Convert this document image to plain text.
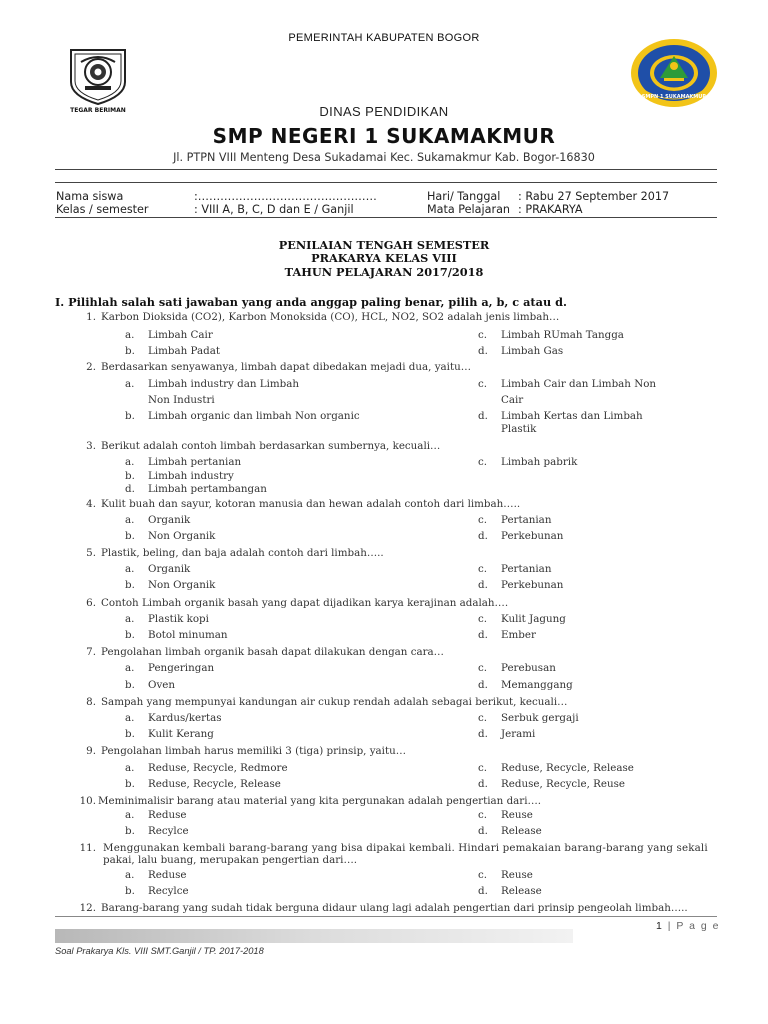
PEMERINTAH KABUPATEN BOGOR
TEGAR BERIMAN
SMPN 1 SUKAMAKMUR
DINAS PENDIDIKAN
SMP NEGERI 1 SUKAMAKMUR
Jl. PTPN VIII Menteng Desa Sukadamai Kec. Sukamakmur Kab. Bogor-16830
Nama siswa	:…………………………………………
Kelas / semester	: VIII A, B, C, D dan E / Ganjil
Hari/ Tanggal : Rabu 27 September 2017
Mata Pelajaran : PRAKARYA
PENILAIAN TENGAH SEMESTER
PRAKARYA KELAS VIII
TAHUN PELAJARAN 2017/2018
I. Pilihlah salah sati jawaban yang anda anggap paling benar, pilih a, b, c atau d.
1. Karbon Dioksida (CO2), Karbon Monoksida (CO), HCL, NO2, SO2 adalah jenis limbah…
a.	Limbah Cair
b.	Limbah Padat
c.	Limbah RUmah Tangga
d.	Limbah Gas
2. Berdasarkan senyawanya, limbah dapat dibedakan mejadi dua, yaitu…
a.	Limbah industry dan Limbah
Non Industri
b.	Limbah organic dan limbah Non organic
c.	Limbah Cair dan Limbah Non
Cair
d.	Limbah Kertas dan Limbah
Plastik
3. Berikut adalah contoh limbah berdasarkan sumbernya, kecuali…
a.	Limbah pertanian
b.	Limbah industry
c.	Limbah pabrik
d.	Limbah pertambangan
4. Kulit buah dan sayur, kotoran manusia dan hewan adalah contoh dari limbah…..
a.	Organik
b.	Non Organik
c.	Pertanian
d.	Perkebunan
5. Plastik, beling, dan baja adalah contoh dari limbah…..
a.	Organik
b.	Non Organik
c.	Pertanian
d.	Perkebunan
6. Contoh Limbah organik basah yang dapat dijadikan karya kerajinan adalah….
a.	Plastik kopi
b.	Botol minuman
c.	Kulit Jagung
d.	Ember
7. Pengolahan limbah organik basah dapat dilakukan dengan cara…
a.	Pengeringan
b.	Oven
c.	Perebusan
d.	Memanggang
8. Sampah yang mempunyai kandungan air cukup rendah adalah sebagai berikut, kecuali…
a.	Kardus/kertas
b.	Kulit Kerang
c.	Serbuk gergaji
d.	Jerami
9. Pengolahan limbah harus memiliki 3 (tiga) prinsip, yaitu…
a.	Reduse, Recycle, Redmore
b.	Reduse, Recycle, Release
c.	Reduse, Recycle, Release
d.	Reduse, Recycle, Reuse
10. Meminimalisir barang atau material yang kita pergunakan adalah pengertian dari….
a.	Reduse
b.	Recylce
c.	Reuse
d.	Release
11. Menggunakan kembali barang-barang yang bisa dipakai kembali. Hindari pemakaian barang-barang yang sekali
pakai, lalu buang, merupakan pengertian dari….
a.	Reduse
b.	Recylce
c.	Reuse
d.	Release
12. Barang-barang yang sudah tidak berguna didaur ulang lagi adalah pengertian dari prinsip pengeolah limbah…..
1 | P a g e
Soal Prakarya Kls. VIII SMT.Ganjil / TP. 2017-2018
